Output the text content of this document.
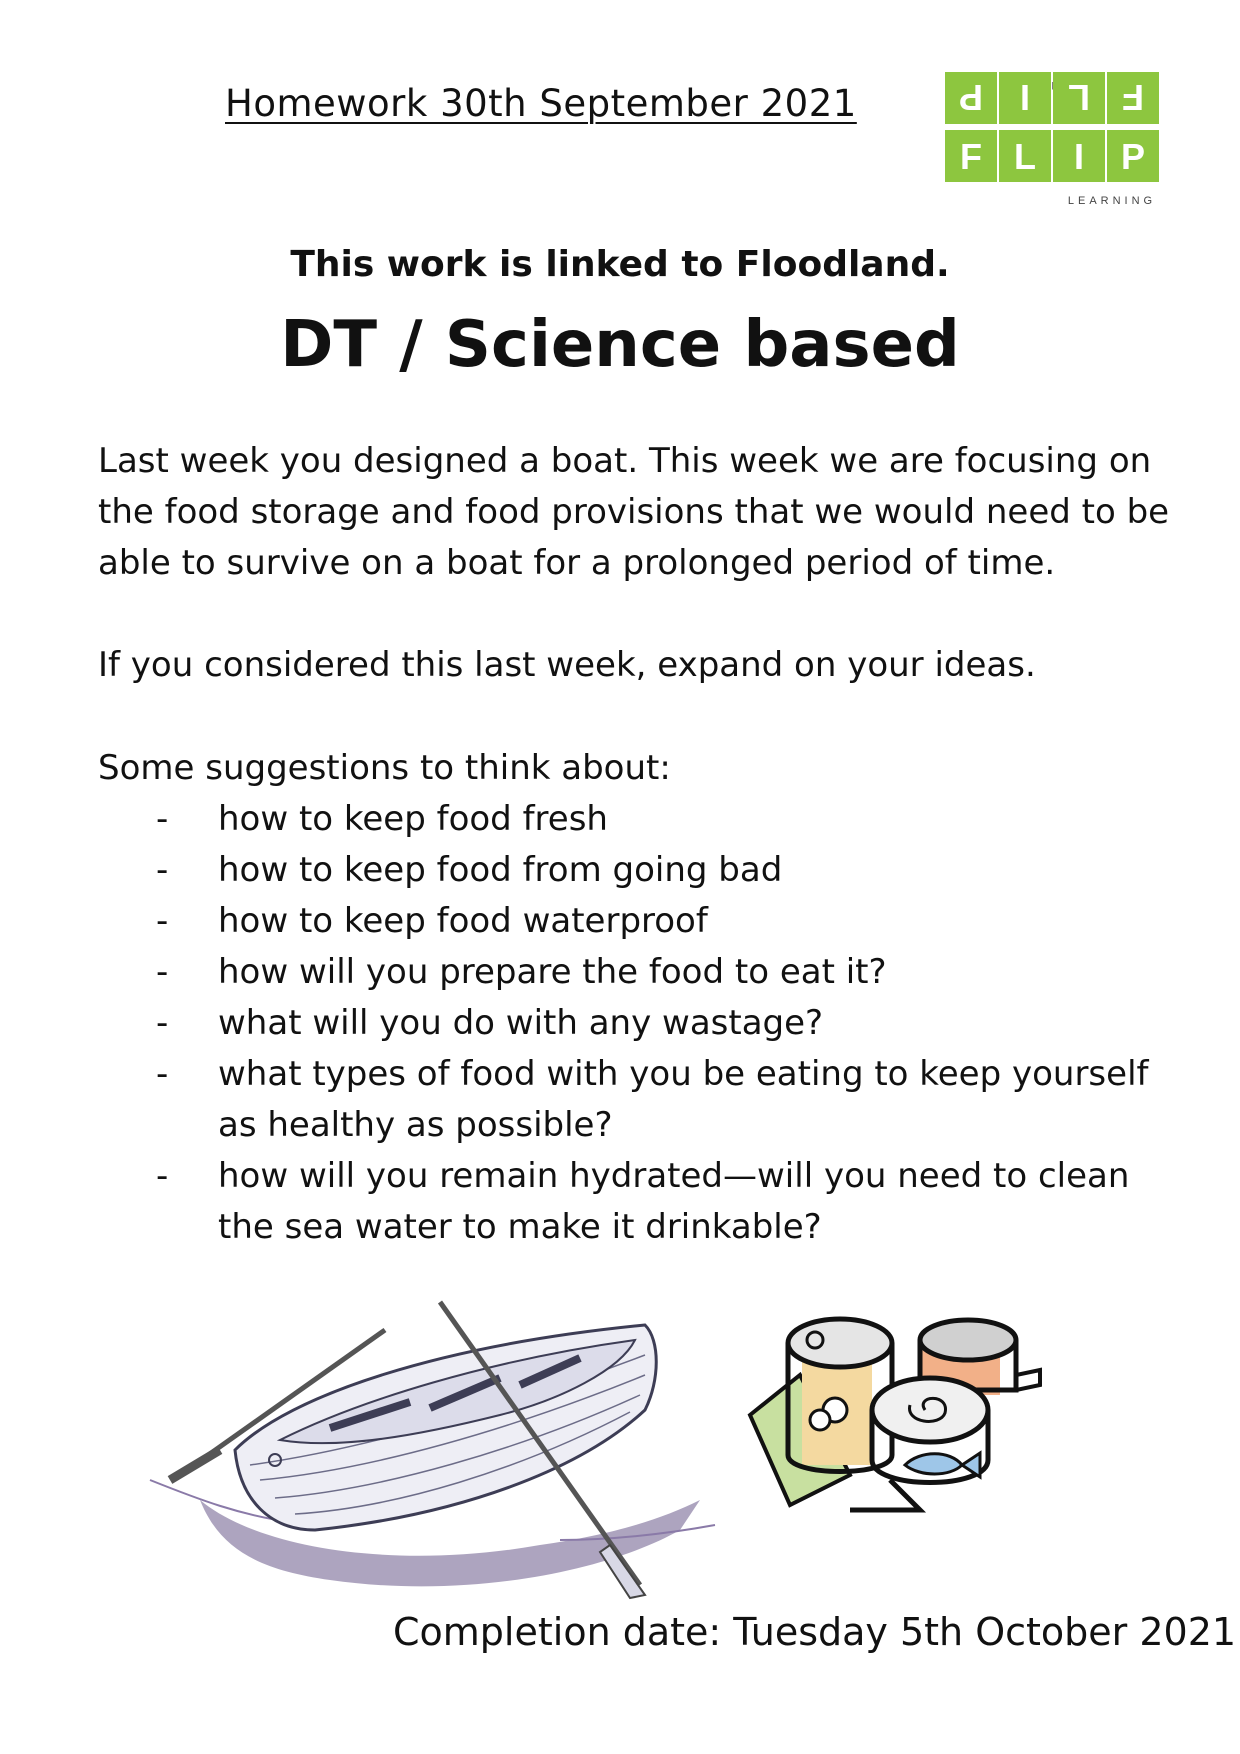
Homework 30th September 2021	P I L F
F L I P
LEARNING
This work is linked to Floodland.
DT / Science based
Last week you designed a boat. This week we are focusing on the food storage and food provisions that we would need to be able to survive on a boat for a prolonged period of time.
If you considered this last week, expand on your ideas.
Some suggestions to think about:
- how to keep food fresh
- how to keep food from going bad
- how to keep food waterproof
- how will you prepare the food to eat it?
- what will you do with any wastage?
- what types of food with you be eating to keep yourself as healthy as possible?
- how will you remain hydrated—will you need to clean the sea water to make it drinkable?
Completion date: Tuesday 5th October 2021
